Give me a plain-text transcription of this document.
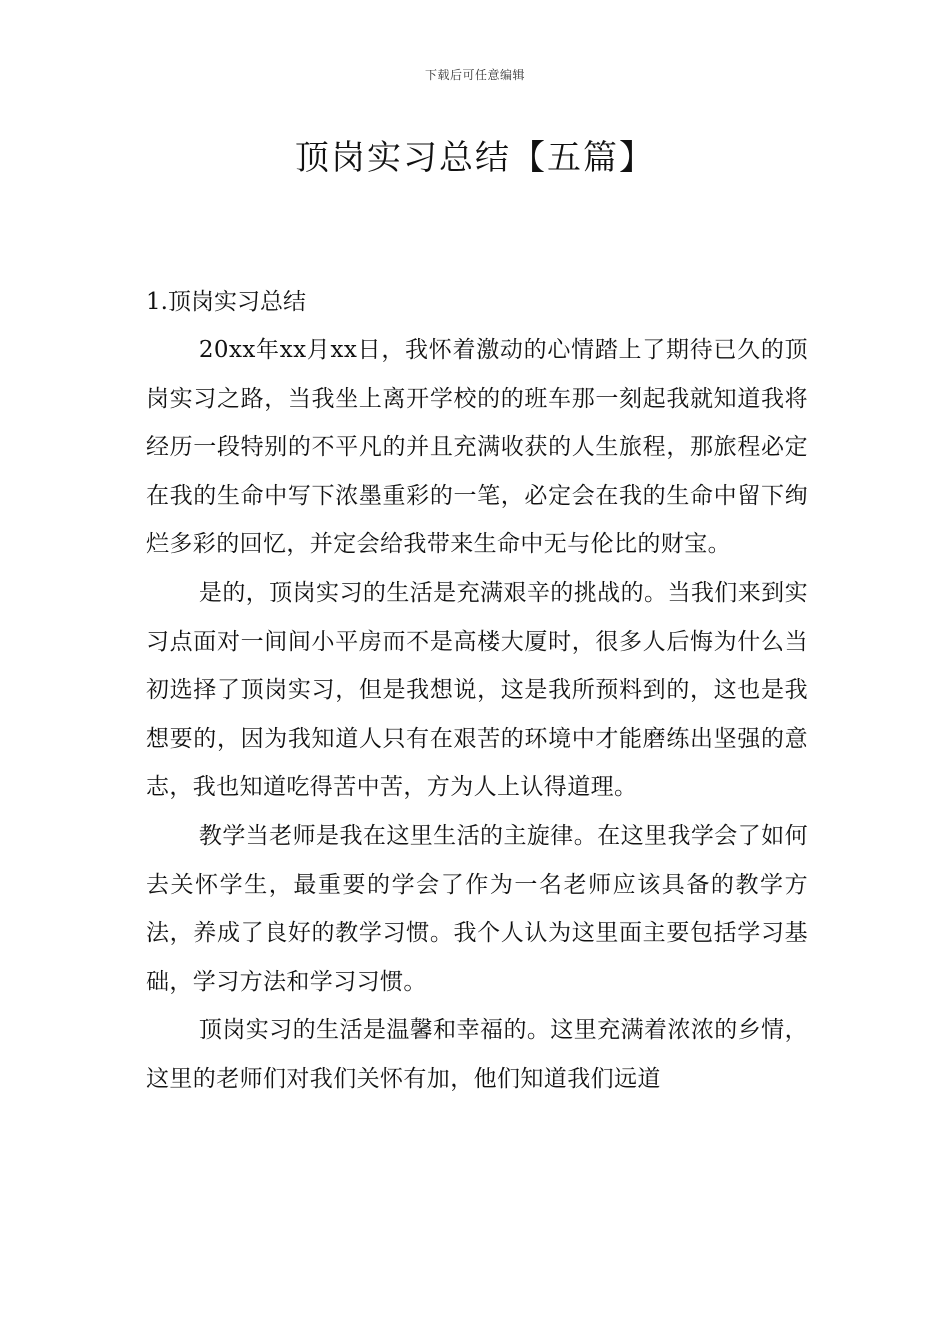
下载后可任意编辑
顶岗实习总结【五篇】

1.顶岗实习总结

20xx年xx月xx日，我怀着激动的心情踏上了期待已久的顶岗实习之路，当我坐上离开学校的的班车那一刻起我就知道我将经历一段特别的不平凡的并且充满收获的人生旅程，那旅程必定在我的生命中写下浓墨重彩的一笔，必定会在我的生命中留下绚烂多彩的回忆，并定会给我带来生命中无与伦比的财宝。

是的，顶岗实习的生活是充满艰辛的挑战的。当我们来到实习点面对一间间小平房而不是高楼大厦时，很多人后悔为什么当初选择了顶岗实习，但是我想说，这是我所预料到的，这也是我想要的，因为我知道人只有在艰苦的环境中才能磨练出坚强的意志，我也知道吃得苦中苦，方为人上认得道理。

教学当老师是我在这里生活的主旋律。在这里我学会了如何去关怀学生，最重要的学会了作为一名老师应该具备的教学方法，养成了良好的教学习惯。我个人认为这里面主要包括学习基础，学习方法和学习习惯。

顶岗实习的生活是温馨和幸福的。这里充满着浓浓的乡情，这里的老师们对我们关怀有加，他们知道我们远道
